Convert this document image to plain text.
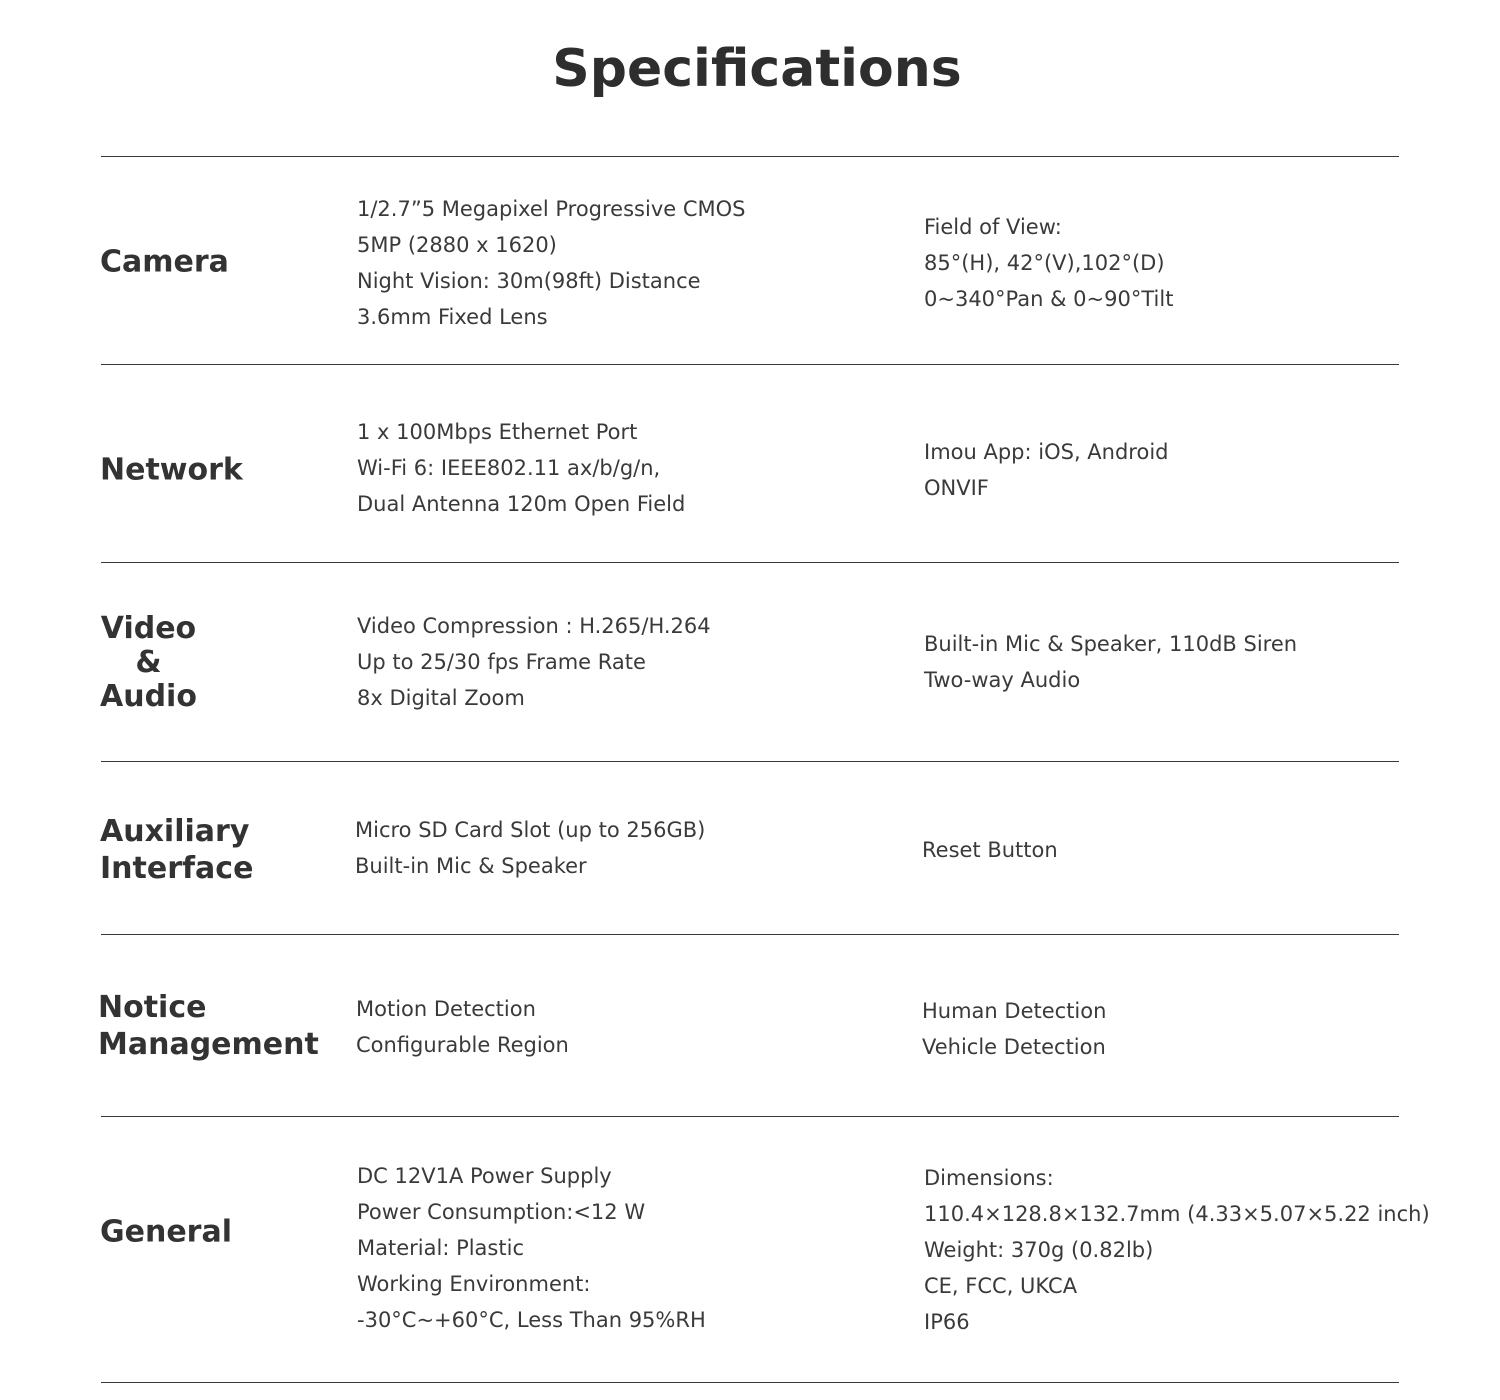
Specifications
Camera
1/2.7”5 Megapixel Progressive CMOS
5MP (2880 x 1620)
Night Vision: 30m(98ft) Distance
3.6mm Fixed Lens
Field of View:
85°(H), 42°(V),102°(D)
0~340°Pan & 0~90°Tilt
Network
1 x 100Mbps Ethernet Port
Wi-Fi 6: IEEE802.11 ax/b/g/n,
Dual Antenna 120m Open Field
Imou App: iOS, Android
ONVIF
Video
&
Audio
Video Compression : H.265/H.264
Up to 25/30 fps Frame Rate
8x Digital Zoom
Built-in Mic & Speaker, 110dB Siren
Two-way Audio
Auxiliary
Interface
Micro SD Card Slot (up to 256GB)
Built-in Mic & Speaker
Reset Button
Notice
Management
Motion Detection
Configurable Region
Human Detection
Vehicle Detection
General
DC 12V1A Power Supply
Power Consumption:<12 W
Material: Plastic
Working Environment:
-30°C~+60°C, Less Than 95%RH
Dimensions:
110.4×128.8×132.7mm (4.33×5.07×5.22 inch)
Weight: 370g (0.82lb)
CE, FCC, UKCA
IP66
